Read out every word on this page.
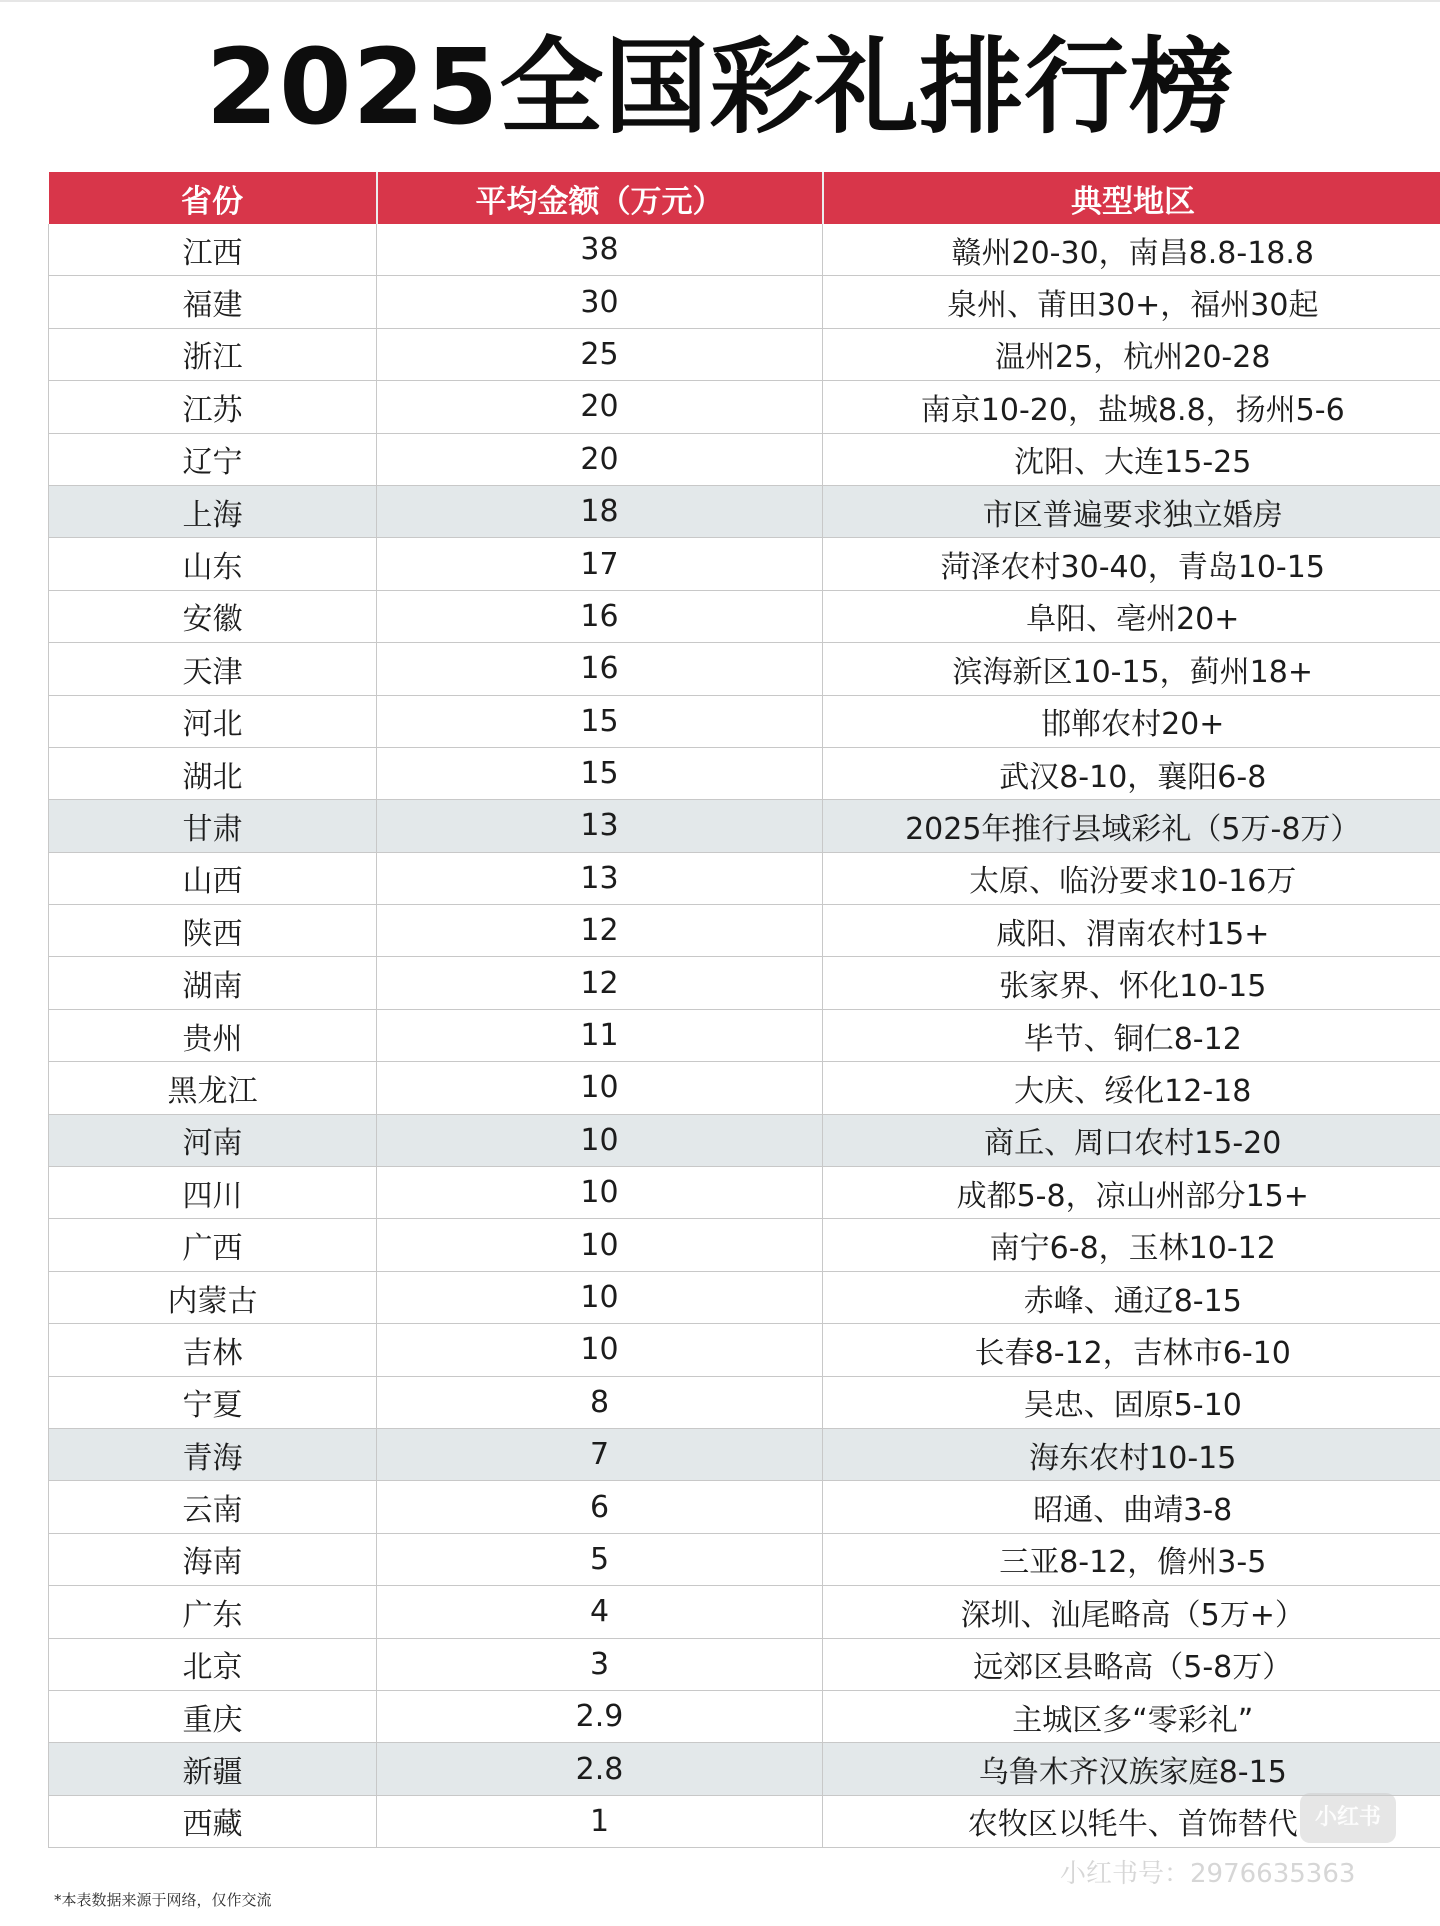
2025全国彩礼排行榜
省份	平均金额（万元）	典型地区
江西	38	赣州20-30，南昌8.8-18.8
福建	30	泉州、莆田30+，福州30起
浙江	25	温州25，杭州20-28
江苏	20	南京10-20，盐城8.8，扬州5-6
辽宁	20	沈阳、大连15-25
上海	18	市区普遍要求独立婚房
山东	17	菏泽农村30-40，青岛10-15
安徽	16	阜阳、亳州20+
天津	16	滨海新区10-15，蓟州18+
河北	15	邯郸农村20+
湖北	15	武汉8-10，襄阳6-8
甘肃	13	2025年推行县域彩礼（5万-8万）
山西	13	太原、临汾要求10-16万
陕西	12	咸阳、渭南农村15+
湖南	12	张家界、怀化10-15
贵州	11	毕节、铜仁8-12
黑龙江	10	大庆、绥化12-18
河南	10	商丘、周口农村15-20
四川	10	成都5-8，凉山州部分15+
广西	10	南宁6-8，玉林10-12
内蒙古	10	赤峰、通辽8-15
吉林	10	长春8-12，吉林市6-10
宁夏	8	吴忠、固原5-10
青海	7	海东农村10-15
云南	6	昭通、曲靖3-8
海南	5	三亚8-12，儋州3-5
广东	4	深圳、汕尾略高（5万+）
北京	3	远郊区县略高（5-8万）
重庆	2.9	主城区多“零彩礼”
新疆	2.8	乌鲁木齐汉族家庭8-15
西藏	1	农牧区以牦牛、首饰替代
*本表数据来源于网络，仅作交流
小红书
小红书号：2976635363
